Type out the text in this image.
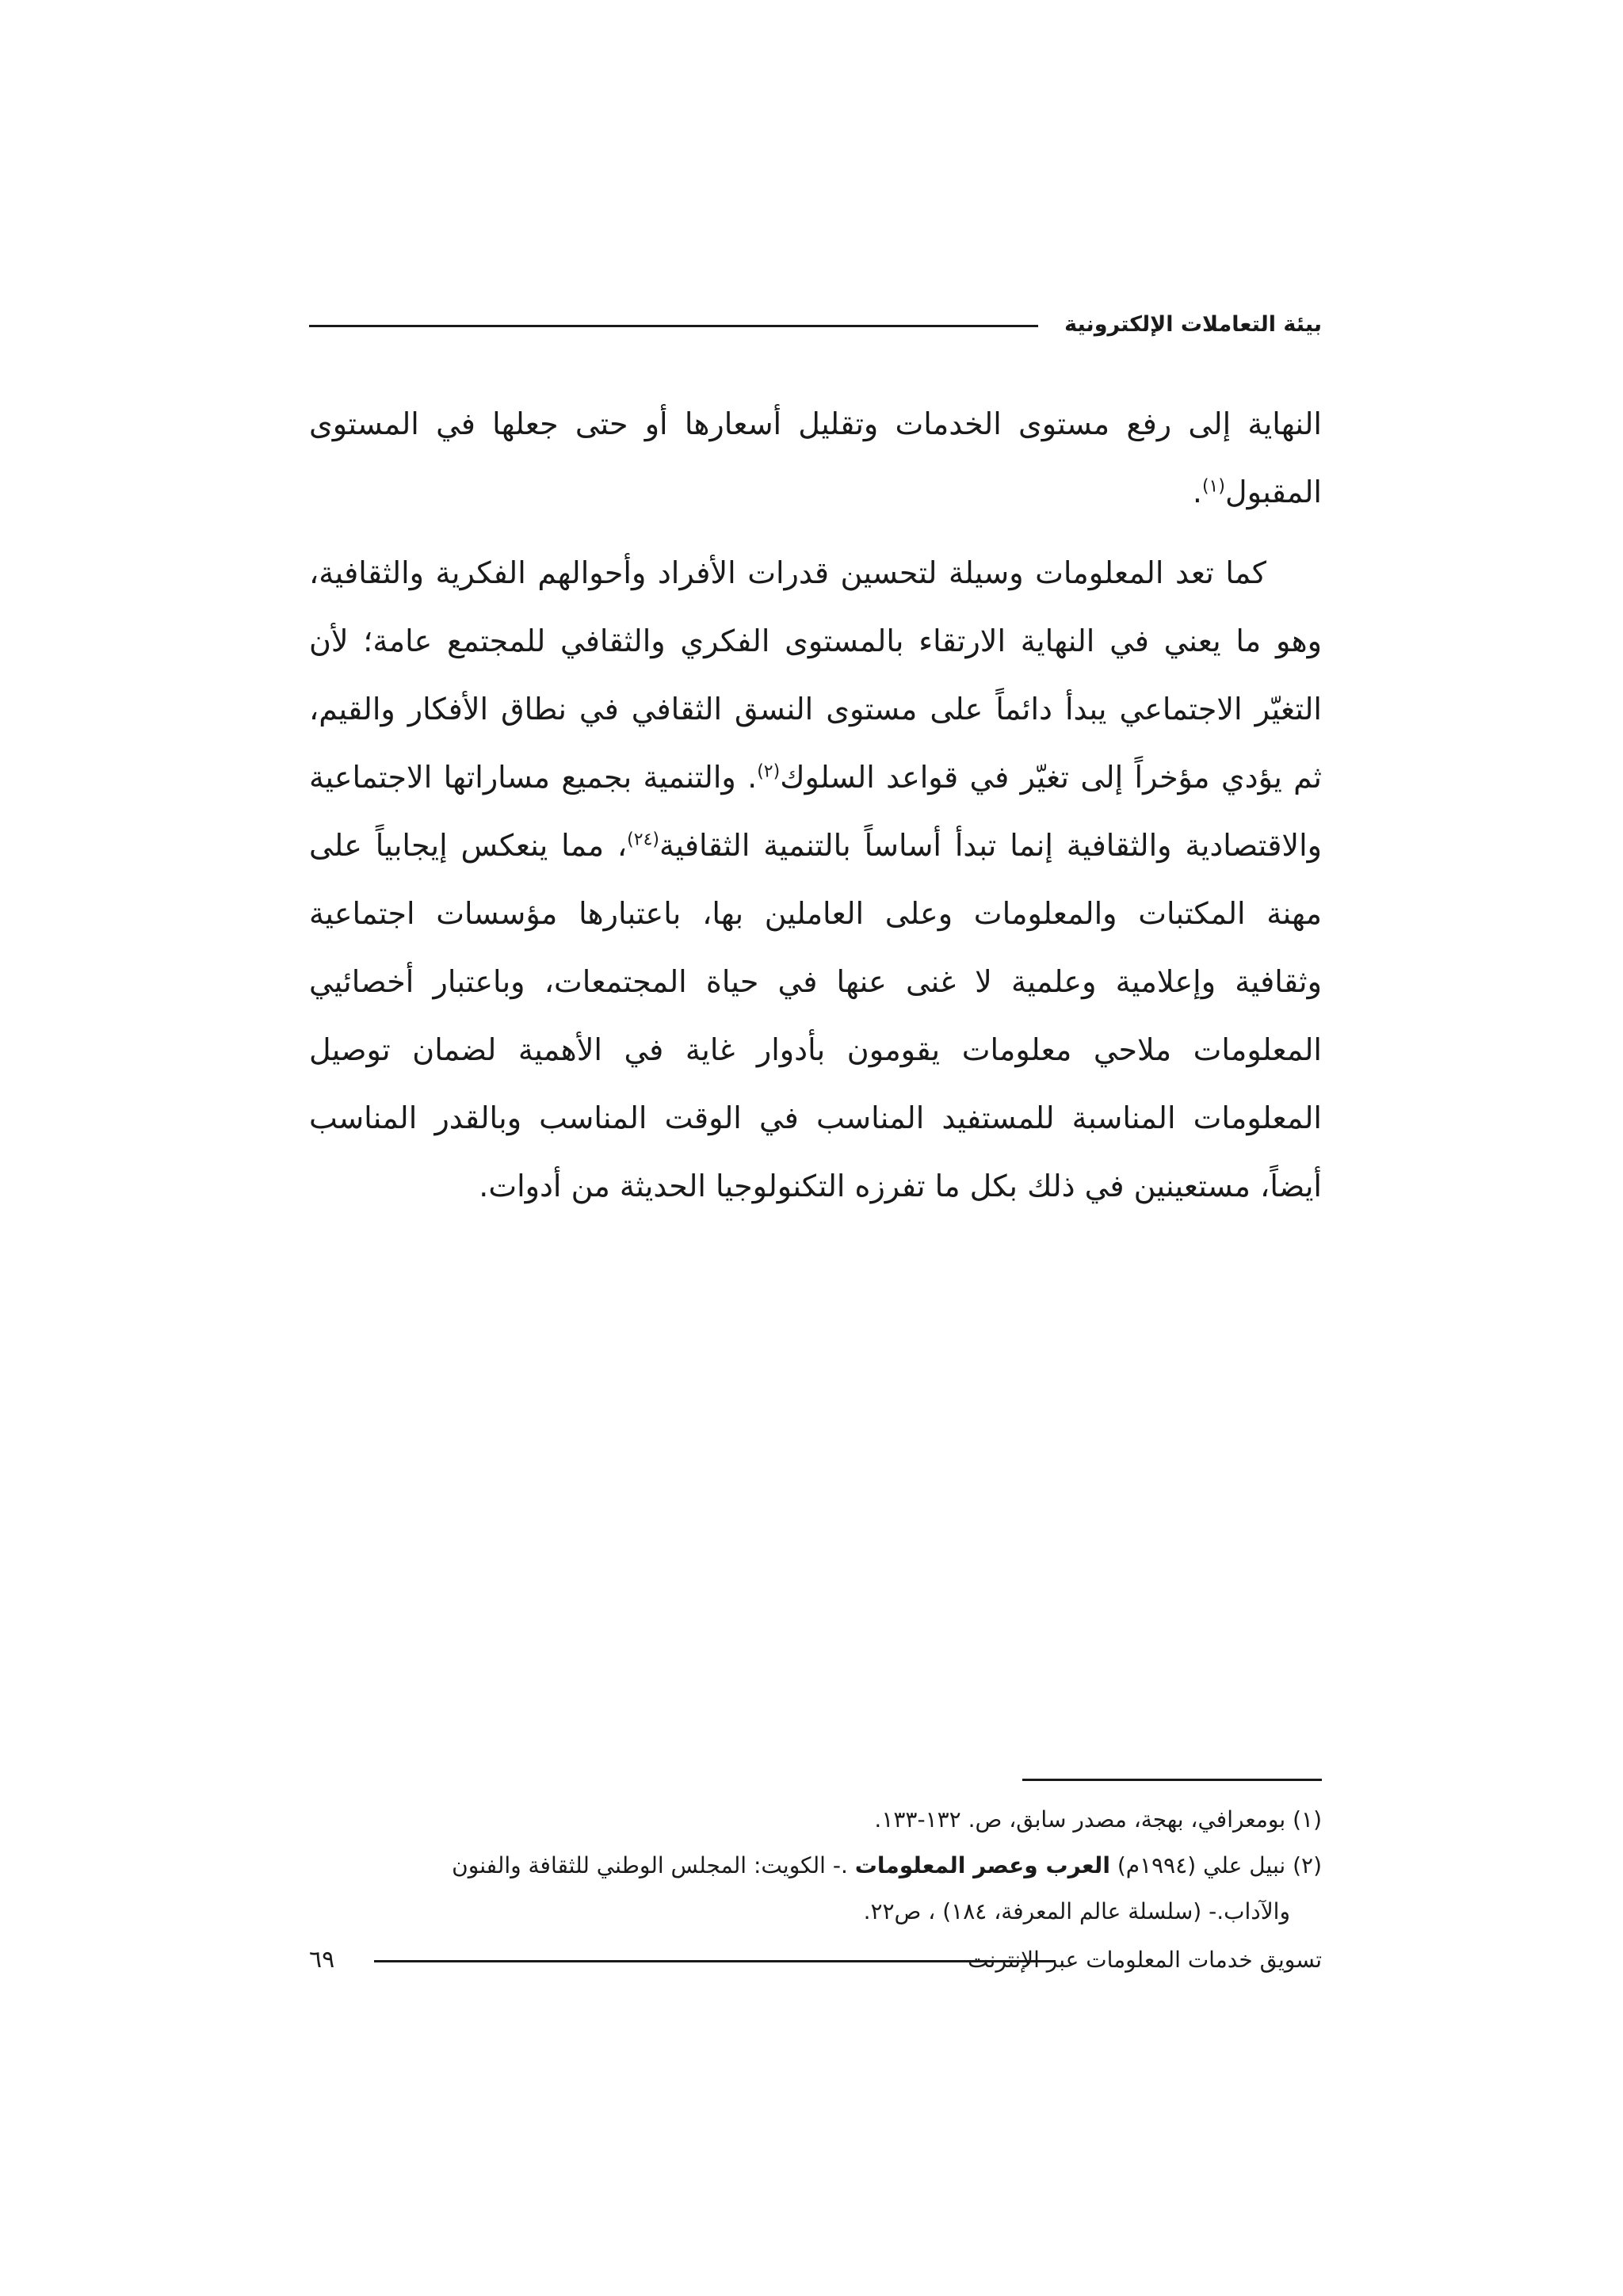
بيئة التعاملات الإلكترونية

النهاية إلى رفع مستوى الخدمات وتقليل أسعارها أو حتى جعلها في المستوى المقبول$^{(١)}$.

كما تعد المعلومات وسيلة لتحسين قدرات الأفراد وأحوالهم الفكرية والثقافية، وهو ما يعني في النهاية الارتقاء بالمستوى الفكري والثقافي للمجتمع عامة؛ لأن التغيّر الاجتماعي يبدأ دائماً على مستوى النسق الثقافي في نطاق الأفكار والقيم، ثم يؤدي مؤخراً إلى تغيّر في قواعد السلوك$^{(٢)}$. والتنمية بجميع مساراتها الاجتماعية والاقتصادية والثقافية إنما تبدأ أساساً بالتنمية الثقافية$^{(٢٤)}$، مما ينعكس إيجابياً على مهنة المكتبات والمعلومات وعلى العاملين بها، باعتبارها مؤسسات اجتماعية وثقافية وإعلامية وعلمية لا غنى عنها في حياة المجتمعات، وباعتبار أخصائيي المعلومات ملاحي معلومات يقومون بأدوار غاية في الأهمية لضمان توصيل المعلومات المناسبة للمستفيد المناسب في الوقت المناسب وبالقدر المناسب أيضاً، مستعينين في ذلك بكل ما تفرزه التكنولوجيا الحديثة من أدوات.

(١) بومعرافي، بهجة، مصدر سابق، ص. ١٣٢-١٣٣.

(٢) نبيل علي (١٩٩٤م) العرب وعصر المعلومات .- الكويت: المجلس الوطني للثقافة والفنون

والآداب.- (سلسلة عالم المعرفة، ١٨٤) ، ص٢٢.

تسويق خدمات المعلومات عبر الإنترنت
٦٩
